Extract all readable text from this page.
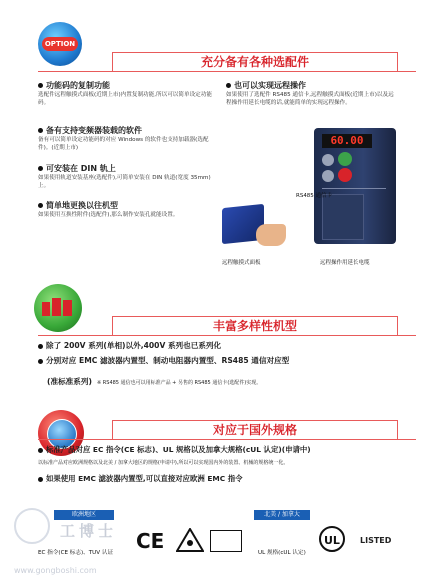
OPTION
充分备有各种选配件
功能码的复制功能
选配件远程触摸式面板(近期上市)内置复制功能,所以可以简单设定功能码。
备有支持变频器装载的软件
备有可以简单设定功能码的对应 Windows 的软件也支持加载器(选配件)。(近期上市)
可安装在 DIN 轨上
如果使用轨道安装基座(选配件),可简单安装在 DIN 轨道(宽度 35mm)上。
简单地更换以往机型
如果使用互换性附件(选配件),那么制作安装孔就能设置。
也可以实现远程操作
如果使用了选配件 RS485 通信卡,远程触摸式面板(近期上市)以及远程操作用延长电缆的话,就能简单的实现远程操作。
60.00
RS485 通信卡
远程触摸式面板	远程操作用延长电缆
丰富多样性机型
除了 200V 系列(单相)以外,400V 系列也已系列化
分别对应 EMC 滤波器内置型、制动电阻器内置型、RS485 通信对应型
(准标准系列) ※ RS485 通信也可以用标准产品 + 另售的 RS485 通信卡(选配件)实现。
对应于国外规格
标准产品对应 EC 指令(CE 标志)、UL 规格以及加拿大规格(cUL 认定)(申请中)
以标准产品对应欧洲规格以及北美 / 加拿大地区的规格(申请中),所以可以实现国内外的装置、机械的规格统一化。
如果使用 EMC 滤波器内置型,可以直接对应欧洲 EMC 指令
欧洲地区	北美 / 加拿大
工博士 CE
EC 指令(CE 标志)、TUV 认证	UL 规格(cUL 认定)
UL	LISTED
www.gongboshi.com
